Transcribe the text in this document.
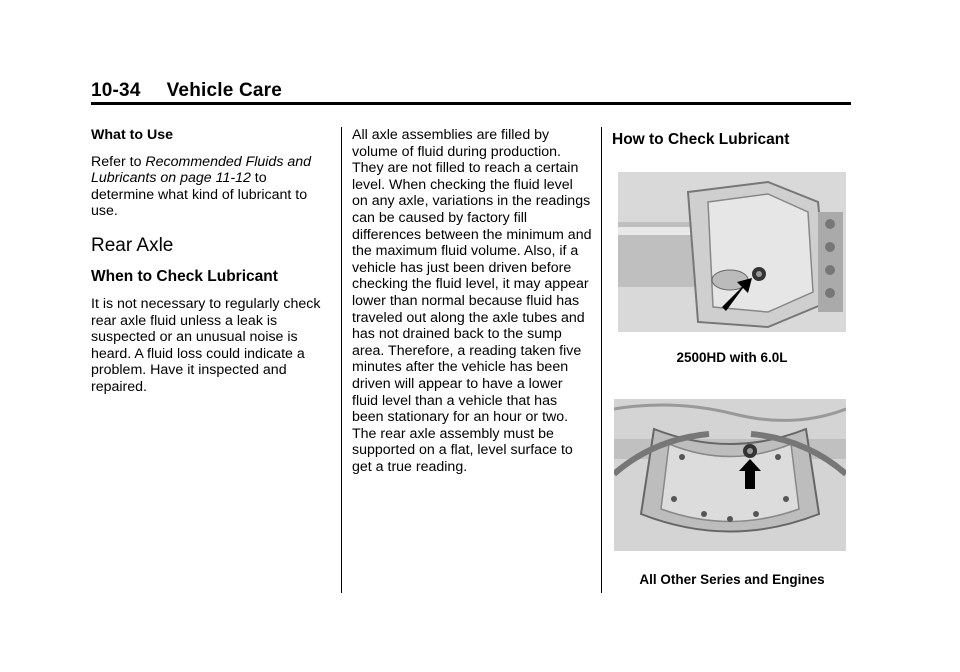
10-34 Vehicle Care

What to Use

Refer to Recommended Fluids and Lubricants on page 11-12 to determine what kind of lubricant to use.

Rear Axle

When to Check Lubricant

It is not necessary to regularly check rear axle fluid unless a leak is suspected or an unusual noise is heard. A fluid loss could indicate a problem. Have it inspected and repaired.

All axle assemblies are filled by volume of fluid during production. They are not filled to reach a certain level. When checking the fluid level on any axle, variations in the readings can be caused by factory fill differences between the minimum and the maximum fluid volume. Also, if a vehicle has just been driven before checking the fluid level, it may appear lower than normal because fluid has traveled out along the axle tubes and has not drained back to the sump area. Therefore, a reading taken five minutes after the vehicle has been driven will appear to have a lower fluid level than a vehicle that has been stationary for an hour or two. The rear axle assembly must be supported on a flat, level surface to get a true reading.

How to Check Lubricant

2500HD with 6.0L
All Other Series and Engines
